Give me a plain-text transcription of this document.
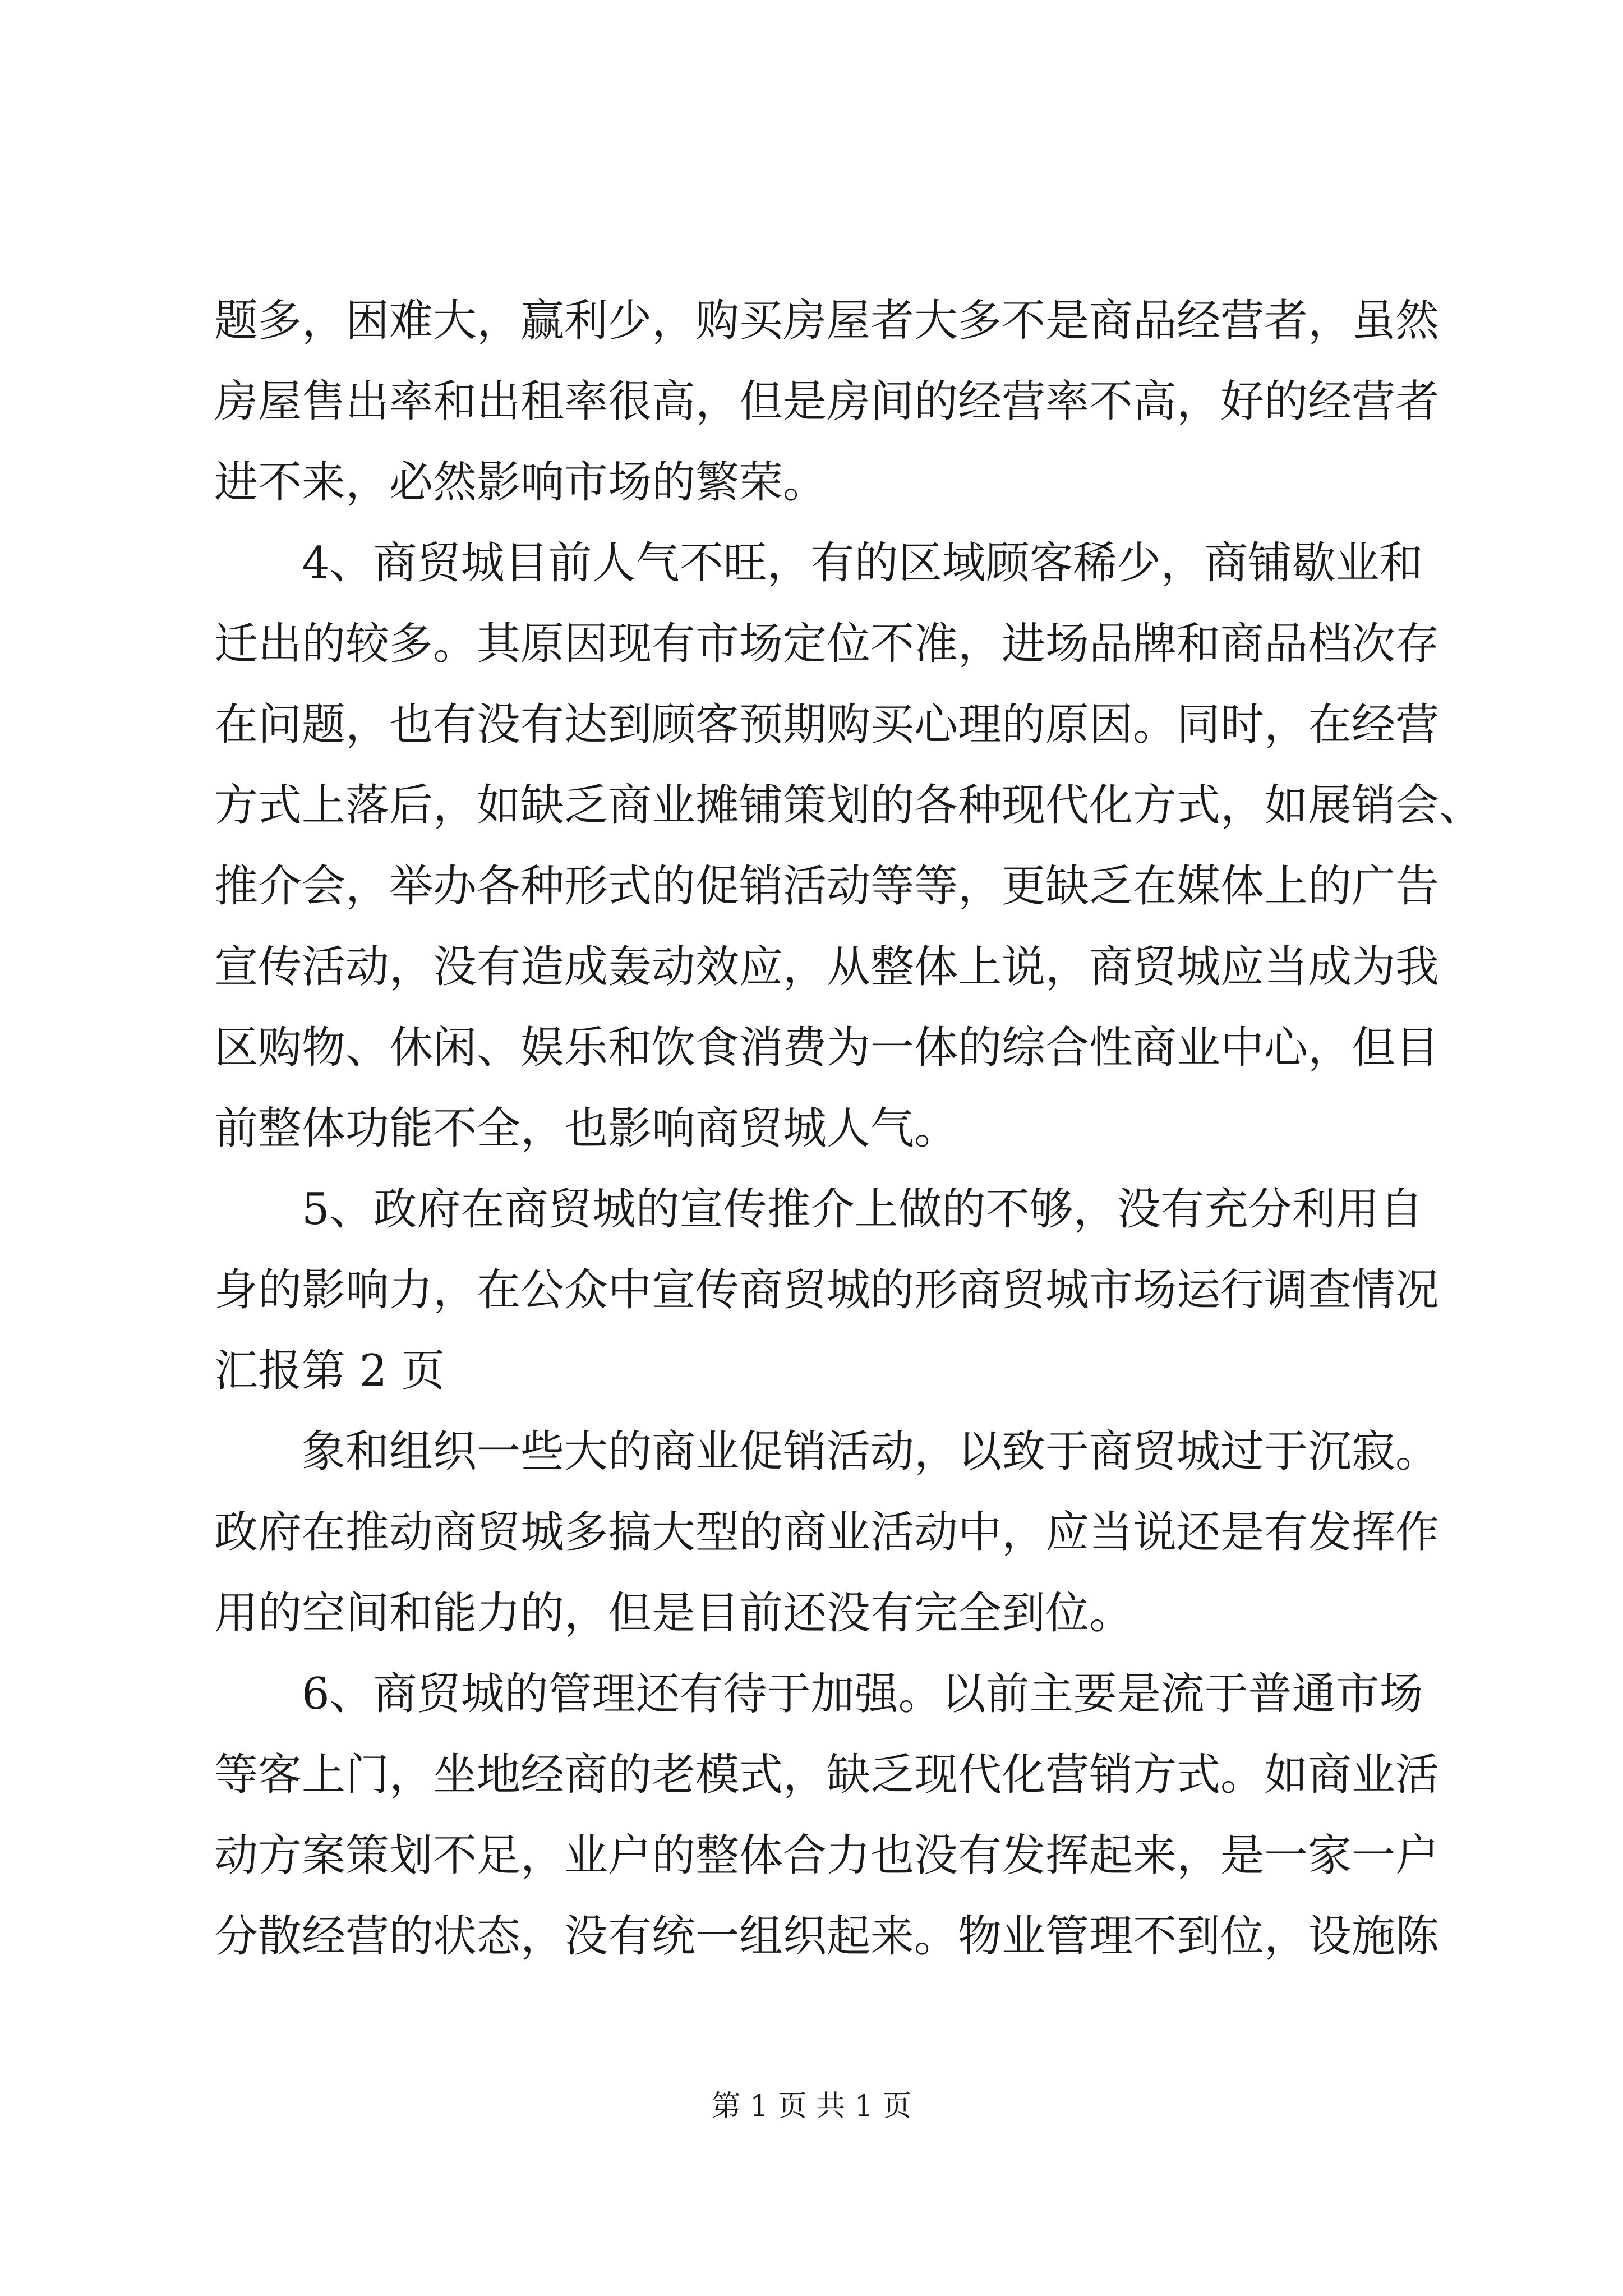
题多，困难大，赢利少，购买房屋者大多不是商品经营者，虽然
房屋售出率和出租率很高，但是房间的经营率不高，好的经营者
进不来，必然影响市场的繁荣。
4、商贸城目前人气不旺，有的区域顾客稀少，商铺歇业和
迁出的较多。其原因现有市场定位不准，进场品牌和商品档次存
在问题，也有没有达到顾客预期购买心理的原因。同时，在经营
方式上落后，如缺乏商业摊铺策划的各种现代化方式，如展销会、
推介会，举办各种形式的促销活动等等，更缺乏在媒体上的广告
宣传活动，没有造成轰动效应，从整体上说，商贸城应当成为我
区购物、休闲、娱乐和饮食消费为一体的综合性商业中心，但目
前整体功能不全，也影响商贸城人气。
5、政府在商贸城的宣传推介上做的不够，没有充分利用自
身的影响力，在公众中宣传商贸城的形商贸城市场运行调查情况
汇报第 2 页
象和组织一些大的商业促销活动，以致于商贸城过于沉寂。
政府在推动商贸城多搞大型的商业活动中，应当说还是有发挥作
用的空间和能力的，但是目前还没有完全到位。
6、商贸城的管理还有待于加强。以前主要是流于普通市场
等客上门，坐地经商的老模式，缺乏现代化营销方式。如商业活
动方案策划不足，业户的整体合力也没有发挥起来，是一家一户
分散经营的状态，没有统一组织起来。物业管理不到位，设施陈
第 1 页 共 1 页
